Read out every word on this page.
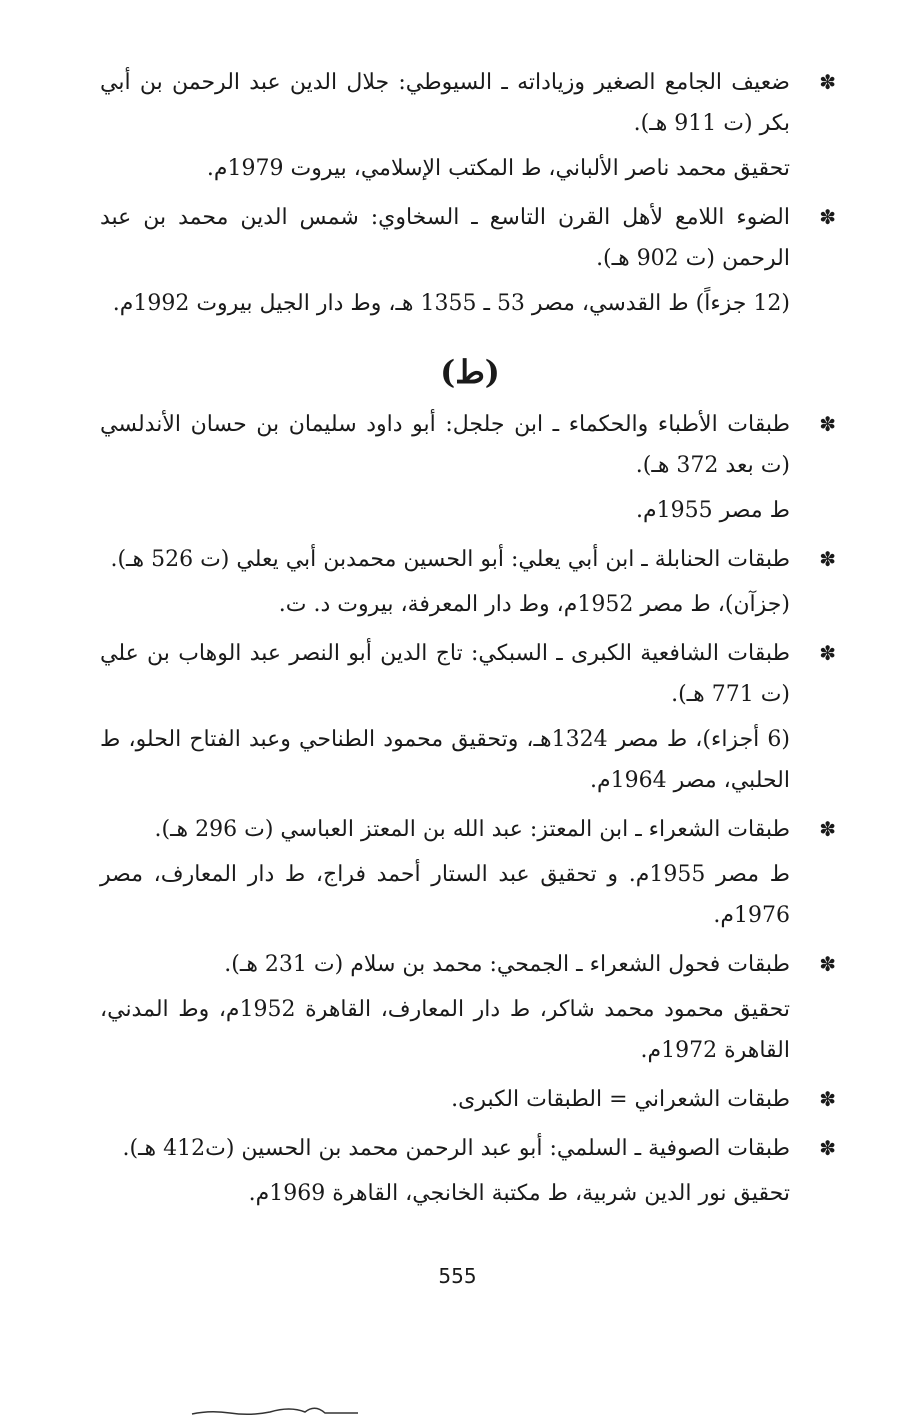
✽
ضعيف الجامع الصغير وزياداته ـ السيوطي: جلال الدين عبد الرحمن بن أبي بكر (ت 911 هـ).
تحقيق محمد ناصر الألباني، ط المكتب الإسلامي، بيروت 1979م.
✽
الضوء اللامع لأهل القرن التاسع ـ السخاوي: شمس الدين محمد بن عبد الرحمن (ت 902 هـ).
(12 جزءاً) ط القدسي، مصر 53 ـ 1355 هـ، وط دار الجيل بيروت 1992م.
(ط)
✽
طبقات الأطباء والحكماء ـ ابن جلجل: أبو داود سليمان بن حسان الأندلسي (ت بعد 372 هـ).
ط مصر 1955م.
✽
طبقات الحنابلة ـ ابن أبي يعلي: أبو الحسين محمدبن أبي يعلي (ت 526 هـ).
(جزآن)، ط مصر 1952م، وط دار المعرفة، بيروت د. ت.
✽
طبقات الشافعية الكبرى ـ السبكي: تاج الدين أبو النصر عبد الوهاب بن علي (ت 771 هـ).
(6 أجزاء)، ط مصر 1324هـ، وتحقيق محمود الطناحي وعبد الفتاح الحلو، ط الحلبي، مصر 1964م.
✽
طبقات الشعراء ـ ابن المعتز: عبد الله بن المعتز العباسي (ت 296 هـ).
ط مصر 1955م. و تحقيق عبد الستار أحمد فراج، ط دار المعارف، مصر 1976م.
✽
طبقات فحول الشعراء ـ الجمحي: محمد بن سلام (ت 231 هـ).
تحقيق محمود محمد شاكر، ط دار المعارف، القاهرة 1952م، وط المدني، القاهرة 1972م.
✽
طبقات الشعراني = الطبقات الكبرى.
✽
طبقات الصوفية ـ السلمي: أبو عبد الرحمن محمد بن الحسين (ت412 هـ).
تحقيق نور الدين شربية، ط مكتبة الخانجي، القاهرة 1969م.
555
